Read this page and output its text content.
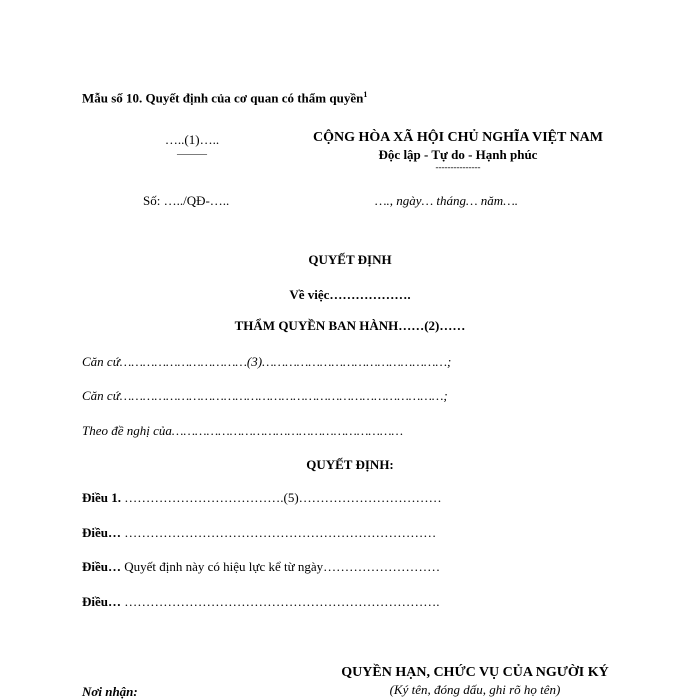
Mẫu số 10. Quyết định của cơ quan có thẩm quyền$^1$
…..(1)…..
———
CỘNG HÒA XÃ HỘI CHỦ NGHĨA VIỆT NAM
Độc lập - Tự do - Hạnh phúc
---------------
Số: …../QĐ-…..	…., ngày… tháng… năm….
QUYẾT ĐỊNH
Về việc……………….
THẨM QUYỀN BAN HÀNH……(2)……
Căn cứ……………………………(3)…………………………………………;
Căn cứ…………………………………………………………………………;
Theo đề nghị của……………………………………………………
QUYẾT ĐỊNH:
Điều 1. ……………………………….(5)……………………………
Điều… ………………………………………………………………
Điều… Quyết định này có hiệu lực kể từ ngày………………………
Điều… ……………………………………………………………….
QUYỀN HẠN, CHỨC VỤ CỦA NGƯỜI KÝ
(Ký tên, đóng dấu, ghi rõ họ tên)
Nơi nhận:
